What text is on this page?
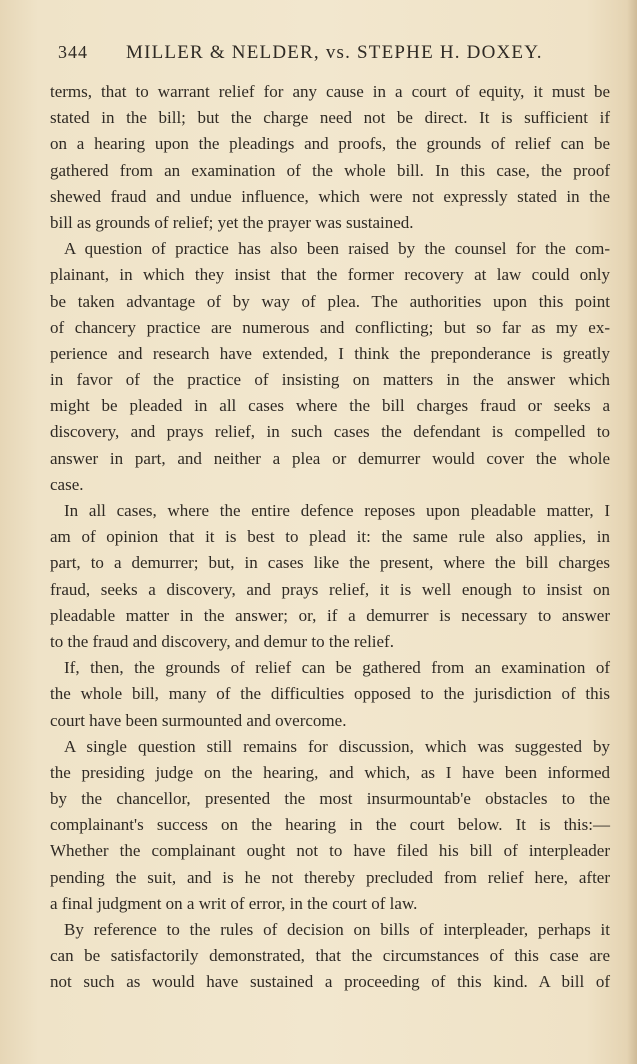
344 MILLER & NELDER, vs. STEPHE H. DOXEY.
terms, that to warrant relief for any cause in a court of equity, it must be
stated in the bill; but the charge need not be direct. It is sufficient if
on a hearing upon the pleadings and proofs, the grounds of relief can be
gathered from an examination of the whole bill. In this case, the proof
shewed fraud and undue influence, which were not expressly stated in the
bill as grounds of relief; yet the prayer was sustained.
A question of practice has also been raised by the counsel for the com-
plainant, in which they insist that the former recovery at law could only
be taken advantage of by way of plea. The authorities upon this point
of chancery practice are numerous and conflicting; but so far as my ex-
perience and research have extended, I think the preponderance is greatly
in favor of the practice of insisting on matters in the answer which
might be pleaded in all cases where the bill charges fraud or seeks a
discovery, and prays relief, in such cases the defendant is compelled to
answer in part, and neither a plea or demurrer would cover the whole
case.
In all cases, where the entire defence reposes upon pleadable matter, I
am of opinion that it is best to plead it: the same rule also applies, in
part, to a demurrer; but, in cases like the present, where the bill charges
fraud, seeks a discovery, and prays relief, it is well enough to insist on
pleadable matter in the answer; or, if a demurrer is necessary to answer
to the fraud and discovery, and demur to the relief.
If, then, the grounds of relief can be gathered from an examination of
the whole bill, many of the difficulties opposed to the jurisdiction of this
court have been surmounted and overcome.
A single question still remains for discussion, which was suggested by
the presiding judge on the hearing, and which, as I have been informed
by the chancellor, presented the most insurmountab'e obstacles to the
complainant's success on the hearing in the court below. It is this:—
Whether the complainant ought not to have filed his bill of interpleader
pending the suit, and is he not thereby precluded from relief here, after
a final judgment on a writ of error, in the court of law.
By reference to the rules of decision on bills of interpleader, perhaps it
can be satisfactorily demonstrated, that the circumstances of this case are
not such as would have sustained a proceeding of this kind. A bill of
